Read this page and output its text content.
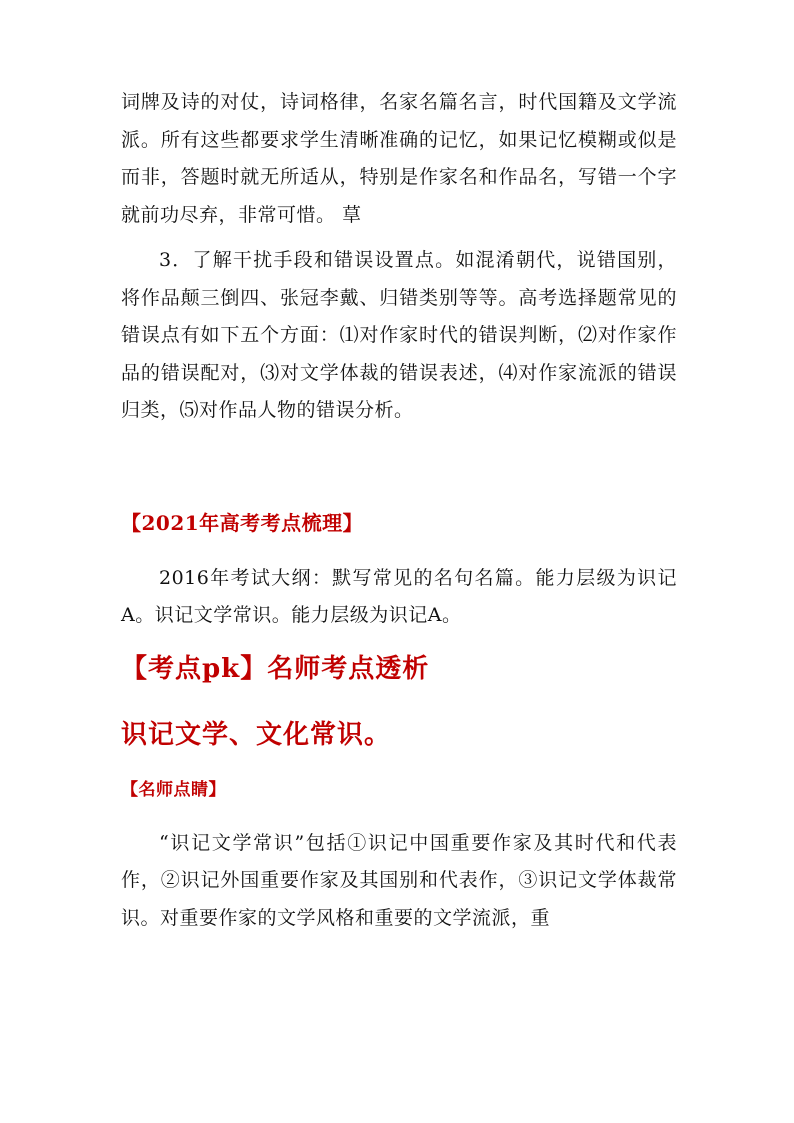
词牌及诗的对仗，诗词格律，名家名篇名言，时代国籍及文学流派。所有这些都要求学生清晰准确的记忆，如果记忆模糊或似是而非，答题时就无所适从，特别是作家名和作品名，写错一个字就前功尽弃，非常可惜。 䓍

3．了解干扰手段和错误设置点。如混淆朝代，说错国别，将作品颠三倒四、张冠李戴、归错类别等等。高考选择题常见的错误点有如下五个方面：⑴对作家时代的错误判断，⑵对作家作品的错误配对，⑶对文学体裁的错误表述，⑷对作家流派的错误归类，⑸对作品人物的错误分析。

【2021年高考考点梳理】

2016年考试大纲：默写常见的名句名篇。能力层级为识记A。识记文学常识。能力层级为识记A。

【考点pk】名师考点透析

识记文学、文化常识。

【名师点睛】

“识记文学常识”包括①识记中国重要作家及其时代和代表作，②识记外国重要作家及其国别和代表作，③识记文学体裁常识。对重要作家的文学风格和重要的文学流派，重
